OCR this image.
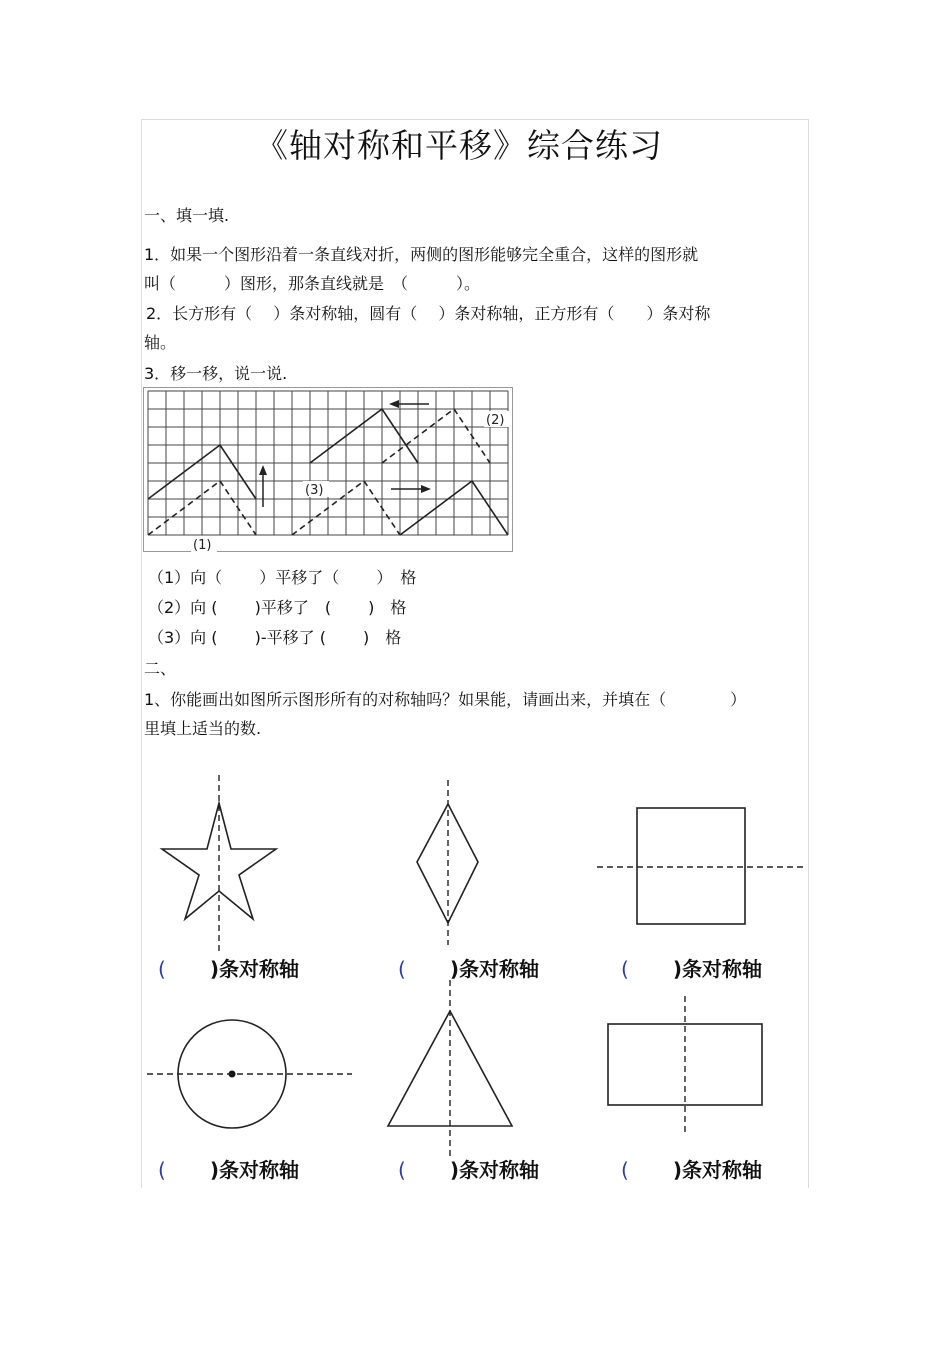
《轴对称和平移》综合练习
一、填一填.
1．如果一个图形沿着一条直线对折，两侧的图形能够完全重合，这样的图形就
叫（　　　）图形，那条直线就是　（　　　）。
2．长方形有（　 ）条对称轴，圆有（　 ）条对称轴，正方形有（　　）条对称
轴。
3．移一移，说一说.
(2)
(3)
(1)
（1）向（　　 ）平移了（　　 ）　格
（2）向 (　　 )平移了　(　　 )　格
（3）向 (　　 )-平移了 (　　 )　格
二、
1、你能画出如图所示图形所有的对称轴吗？如果能，请画出来，并填在（　　　　）
里填上适当的数.
( )条对称轴	( )条对称轴	( )条对称轴
( )条对称轴	( )条对称轴	( )条对称轴
